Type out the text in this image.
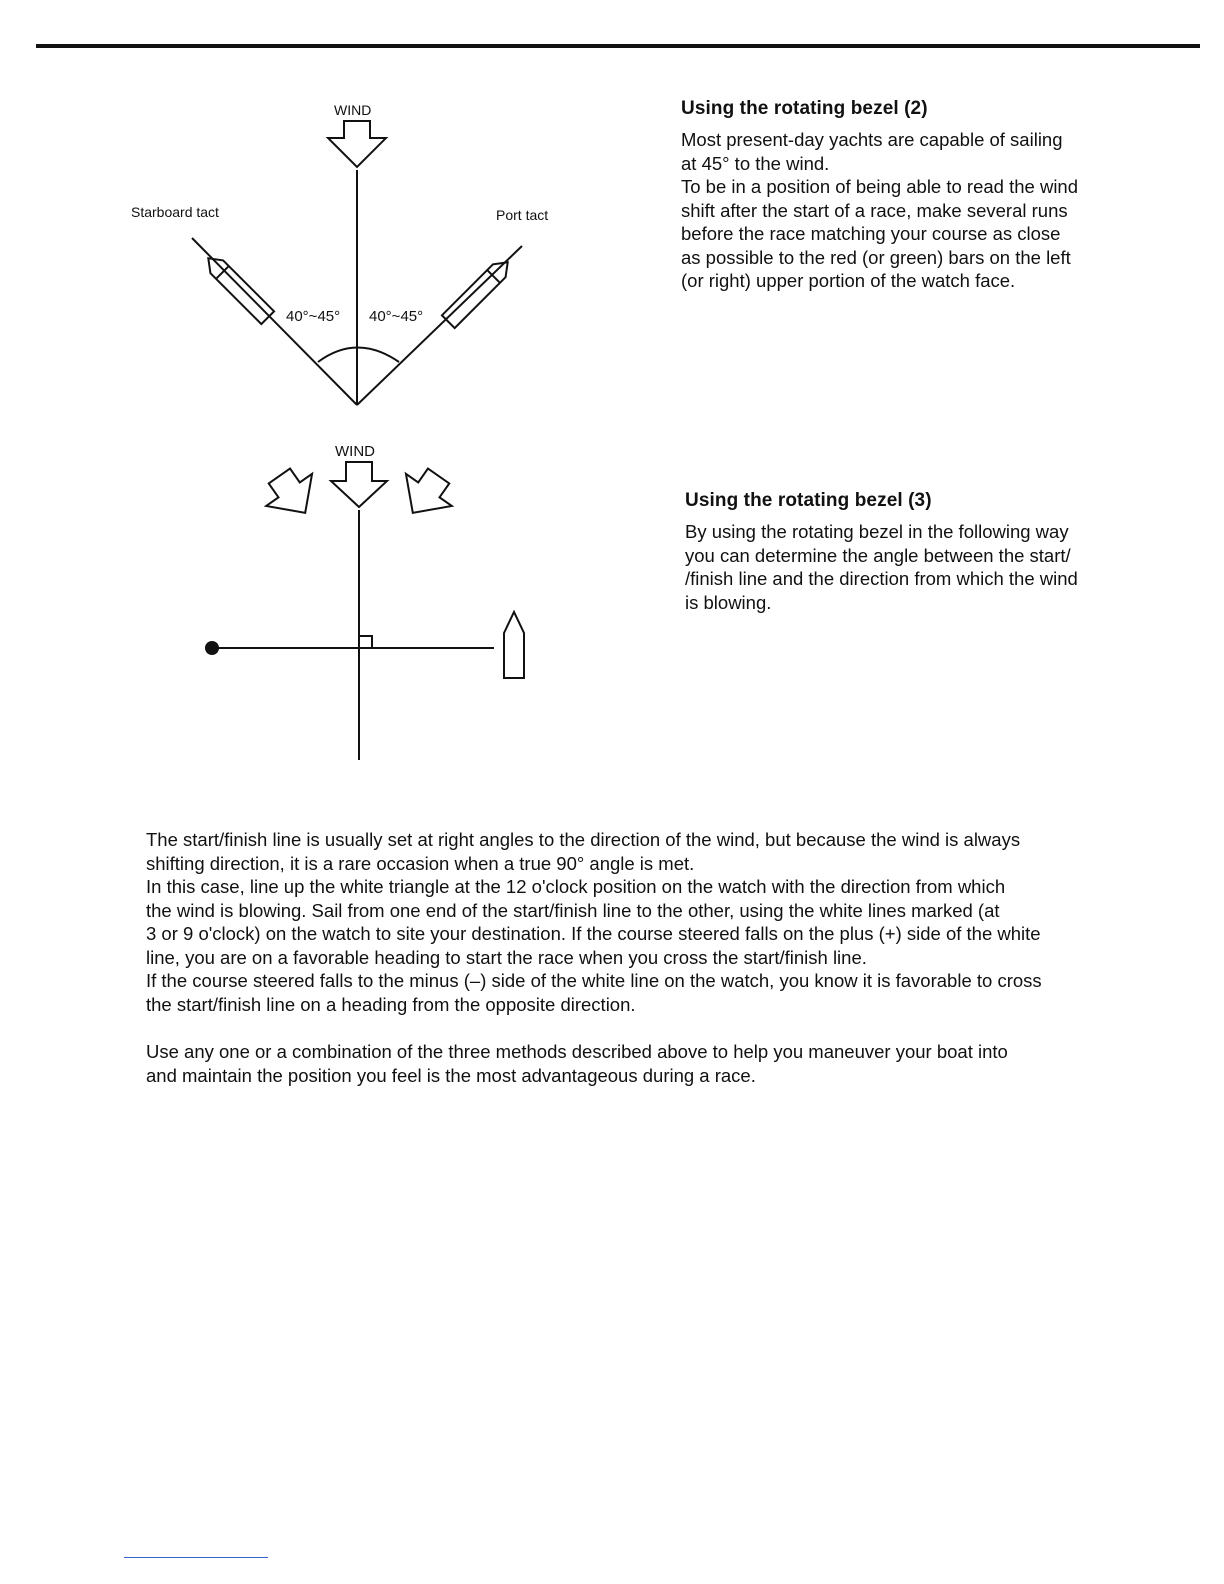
WIND
Starboard tact	Port tact
40°~45° 40°~45°
WIND
Using the rotating bezel (2)

Most present-day yachts are capable of sailing
at 45° to the wind.
To be in a position of being able to read the wind
shift after the start of a race, make several runs
before the race matching your course as close
as possible to the red (or green) bars on the left
(or right) upper portion of the watch face.

Using the rotating bezel (3)

By using the rotating bezel in the following way
you can determine the angle between the start/
/finish line and the direction from which the wind
is blowing.

The start/finish line is usually set at right angles to the direction of the wind, but because the wind is always
shifting direction, it is a rare occasion when a true 90° angle is met.
In this case, line up the white triangle at the 12 o'clock position on the watch with the direction from which
the wind is blowing. Sail from one end of the start/finish line to the other, using the white lines marked (at
3 or 9 o'clock) on the watch to site your destination. If the course steered falls on the plus (+) side of the white
line, you are on a favorable heading to start the race when you cross the start/finish line.
If the course steered falls to the minus (–) side of the white line on the watch, you know it is favorable to cross
the start/finish line on a heading from the opposite direction.

Use any one or a combination of the three methods described above to help you maneuver your boat into
and maintain the position you feel is the most advantageous during a race.
